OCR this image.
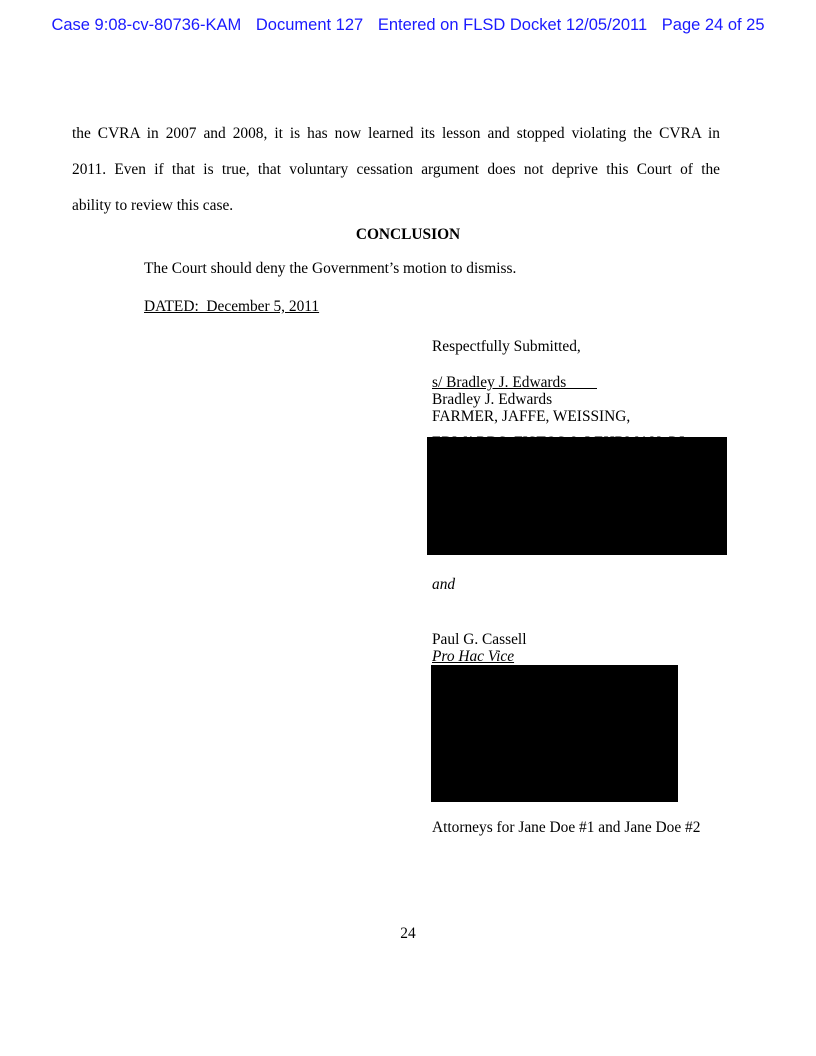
Case 9:08-cv-80736-KAM Document 127 Entered on FLSD Docket 12/05/2011 Page 24 of 25
the CVRA in 2007 and 2008, it is has now learned its lesson and stopped violating the CVRA in
2011. Even if that is true, that voluntary cessation argument does not deprive this Court of the
ability to review this case.
CONCLUSION
The Court should deny the Government’s motion to dismiss.
DATED:  December 5, 2011
Respectfully Submitted,
s/ Bradley J. Edwards
Bradley J. Edwards
FARMER, JAFFE, WEISSING,
and
Paul G. Cassell
Pro Hac Vice
Attorneys for Jane Doe #1 and Jane Doe #2
24
